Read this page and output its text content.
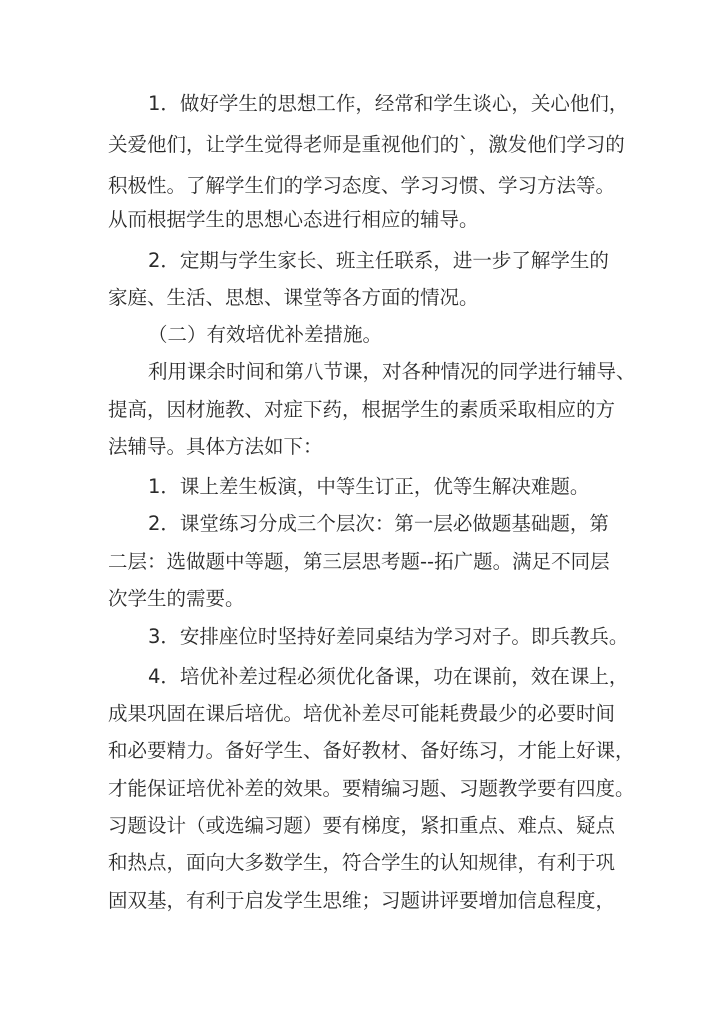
1．做好学生的思想工作，经常和学生谈心，关心他们，

关爱他们，让学生觉得老师是重视他们的`，激发他们学习的

积极性。了解学生们的学习态度、学习习惯、学习方法等。

从而根据学生的思想心态进行相应的辅导。

2．定期与学生家长、班主任联系，进一步了解学生的

家庭、生活、思想、课堂等各方面的情况。

（二）有效培优补差措施。

利用课余时间和第八节课，对各种情况的同学进行辅导、

提高，因材施教、对症下药，根据学生的素质采取相应的方

法辅导。具体方法如下：

1．课上差生板演，中等生订正，优等生解决难题。

2．课堂练习分成三个层次：第一层必做题基础题，第

二层：选做题中等题，第三层思考题--拓广题。满足不同层

次学生的需要。

3．安排座位时坚持好差同桌结为学习对子。即兵教兵。

4．培优补差过程必须优化备课，功在课前，效在课上，

成果巩固在课后培优。培优补差尽可能耗费最少的必要时间

和必要精力。备好学生、备好教材、备好练习，才能上好课，

才能保证培优补差的效果。要精编习题、习题教学要有四度。

习题设计（或选编习题）要有梯度，紧扣重点、难点、疑点

和热点，面向大多数学生，符合学生的认知规律，有利于巩

固双基，有利于启发学生思维；习题讲评要增加信息程度，
